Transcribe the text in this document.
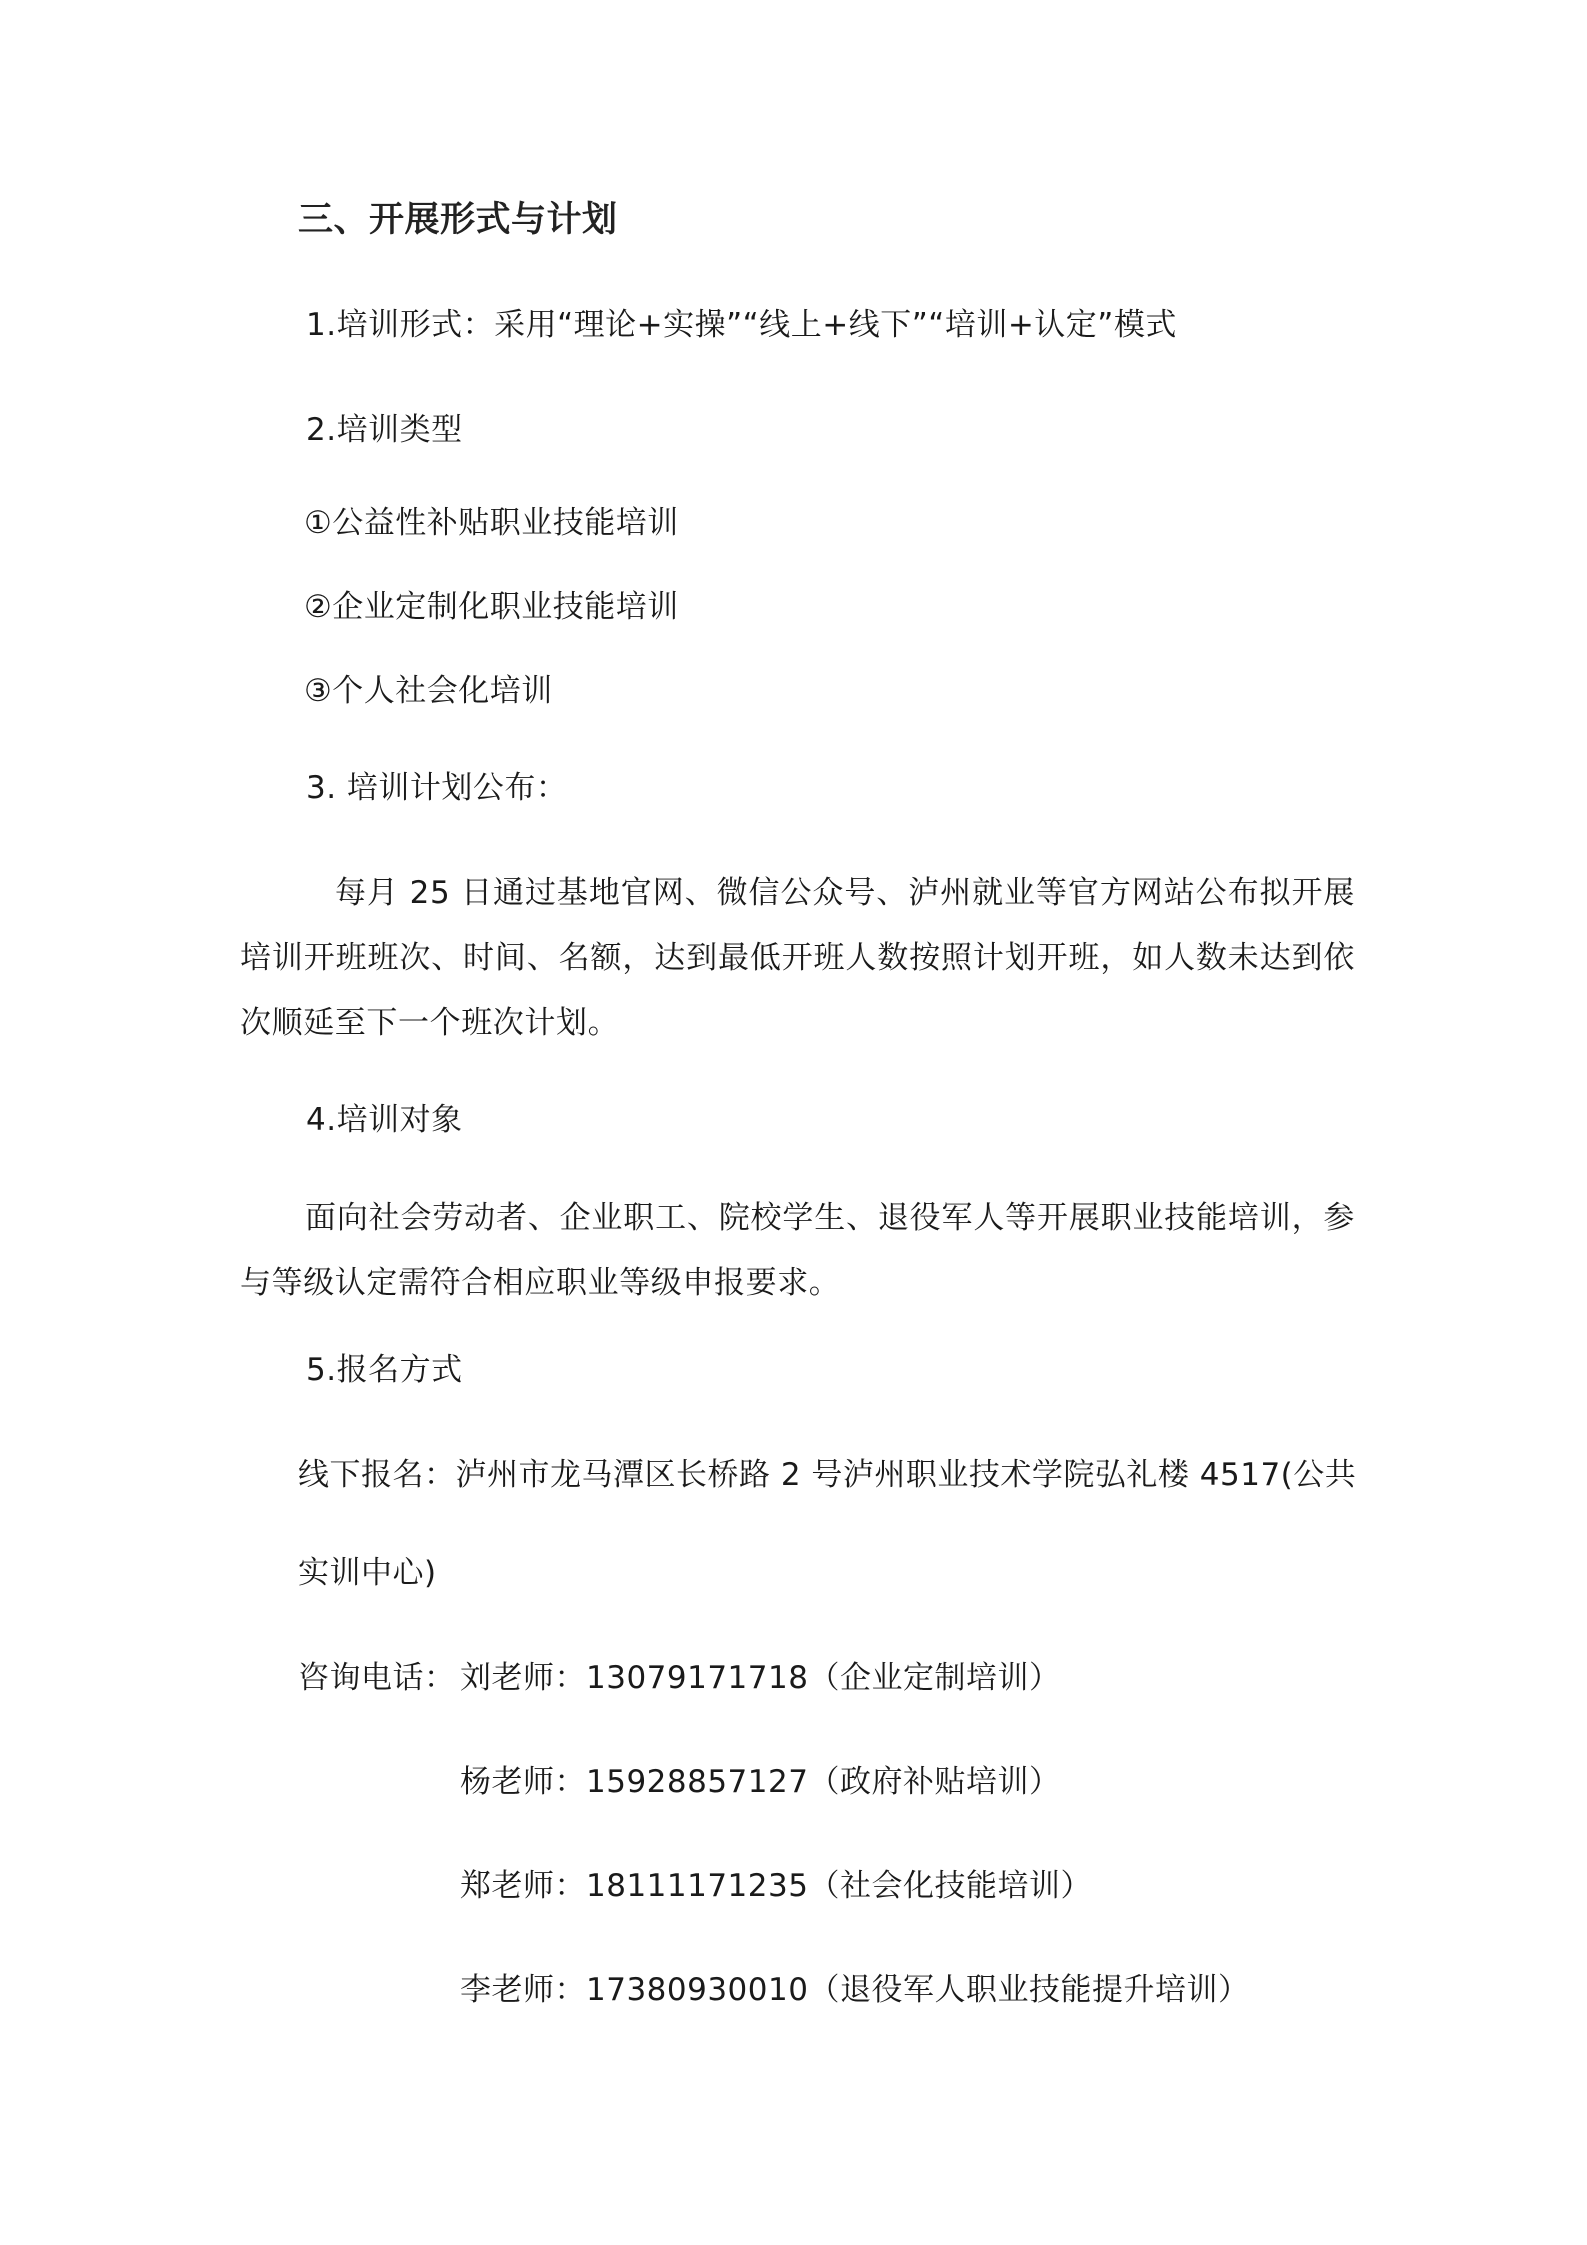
三、开展形式与计划
1.培训形式：采用“理论+实操”“线上+线下”“培训+认定”模式
2.培训类型
①公益性补贴职业技能培训
②企业定制化职业技能培训
③个人社会化培训
3. 培训计划公布：

每月 25 日通过基地官网、微信公众号、泸州就业等官方网站公布拟开展培训开班班次、时间、名额，达到最低开班人数按照计划开班，如人数未达到依次顺延至下一个班次计划。

4.培训对象

面向社会劳动者、企业职工、院校学生、退役军人等开展职业技能培训，参与等级认定需符合相应职业等级申报要求。

5.报名方式
线下报名：泸州市龙马潭区长桥路 2 号泸州职业技术学院弘礼楼 4517(公共
实训中心)
咨询电话： 刘老师：13079171718（企业定制培训）
杨老师：15928857127（政府补贴培训）
郑老师：18111171235（社会化技能培训）
李老师：17380930010（退役军人职业技能提升培训）
